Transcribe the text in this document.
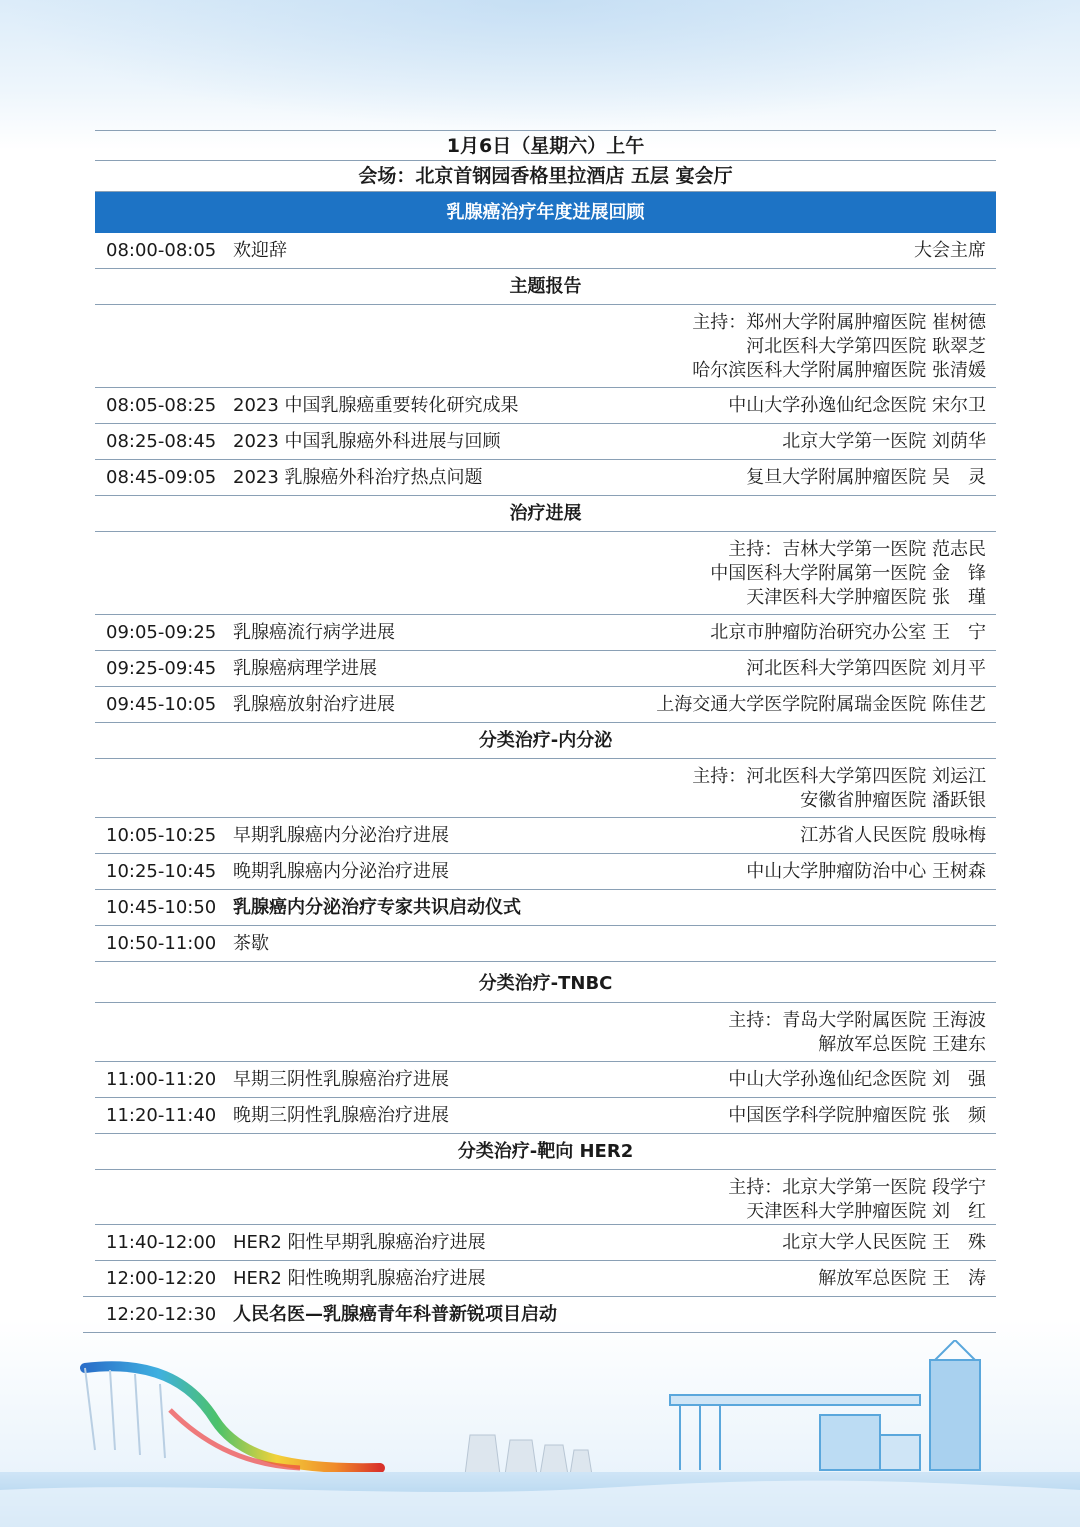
1月6日（星期六）上午
会场：北京首钢园香格里拉酒店 五层 宴会厅
乳腺癌治疗年度进展回顾
08:00-08:05 欢迎辞	大会主席
主题报告
主持：郑州大学附属肿瘤医院 崔树德
河北医科大学第四医院 耿翠芝
哈尔滨医科大学附属肿瘤医院 张清媛
08:05-08:25 2023 中国乳腺癌重要转化研究成果	中山大学孙逸仙纪念医院 宋尔卫
08:25-08:45 2023 中国乳腺癌外科进展与回顾	北京大学第一医院 刘荫华
08:45-09:05 2023 乳腺癌外科治疗热点问题	复旦大学附属肿瘤医院 吴　灵
治疗进展
主持：吉林大学第一医院 范志民
中国医科大学附属第一医院 金　锋
天津医科大学肿瘤医院 张　瑾
09:05-09:25 乳腺癌流行病学进展	北京市肿瘤防治研究办公室 王　宁
09:25-09:45 乳腺癌病理学进展	河北医科大学第四医院 刘月平
09:45-10:05 乳腺癌放射治疗进展	上海交通大学医学院附属瑞金医院 陈佳艺
分类治疗-内分泌
主持：河北医科大学第四医院 刘运江
安徽省肿瘤医院 潘跃银
10:05-10:25 早期乳腺癌内分泌治疗进展	江苏省人民医院 殷咏梅
10:25-10:45 晚期乳腺癌内分泌治疗进展	中山大学肿瘤防治中心 王树森
10:45-10:50 乳腺癌内分泌治疗专家共识启动仪式
10:50-11:00 茶歇
分类治疗-TNBC
主持：青岛大学附属医院 王海波
解放军总医院 王建东
11:00-11:20 早期三阴性乳腺癌治疗进展	中山大学孙逸仙纪念医院 刘　强
11:20-11:40 晚期三阴性乳腺癌治疗进展	中国医学科学院肿瘤医院 张　频
分类治疗-靶向 HER2
主持：北京大学第一医院 段学宁
天津医科大学肿瘤医院 刘　红
11:40-12:00 HER2 阳性早期乳腺癌治疗进展	北京大学人民医院 王　殊
12:00-12:20 HER2 阳性晚期乳腺癌治疗进展	解放军总医院 王　涛
12:20-12:30 人民名医—乳腺癌青年科普新锐项目启动
